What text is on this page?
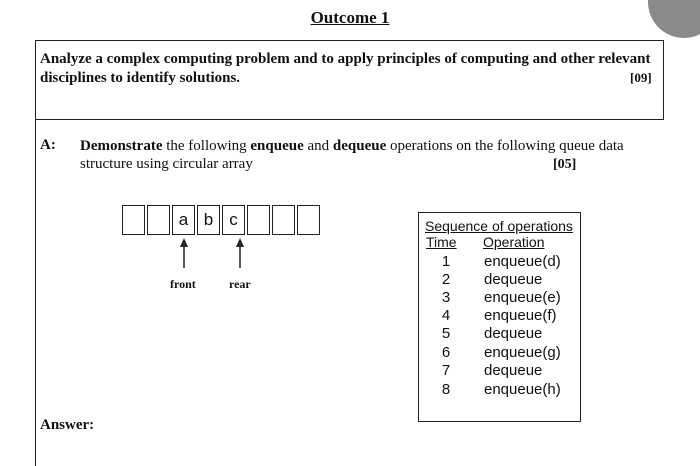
Outcome 1
Analyze a complex computing problem and to apply principles of computing and other relevant disciplines to identify solutions.	[09]
A: Demonstrate the following enqueue and dequeue operations on the following queue data structure using circular array	[05]
a b c
front	rear
Sequence of operations
Time Operation
1 enqueue(d)
2 dequeue
3 enqueue(e)
4 enqueue(f)
5 dequeue
6 enqueue(g)
7 dequeue
8 enqueue(h)
Answer:
